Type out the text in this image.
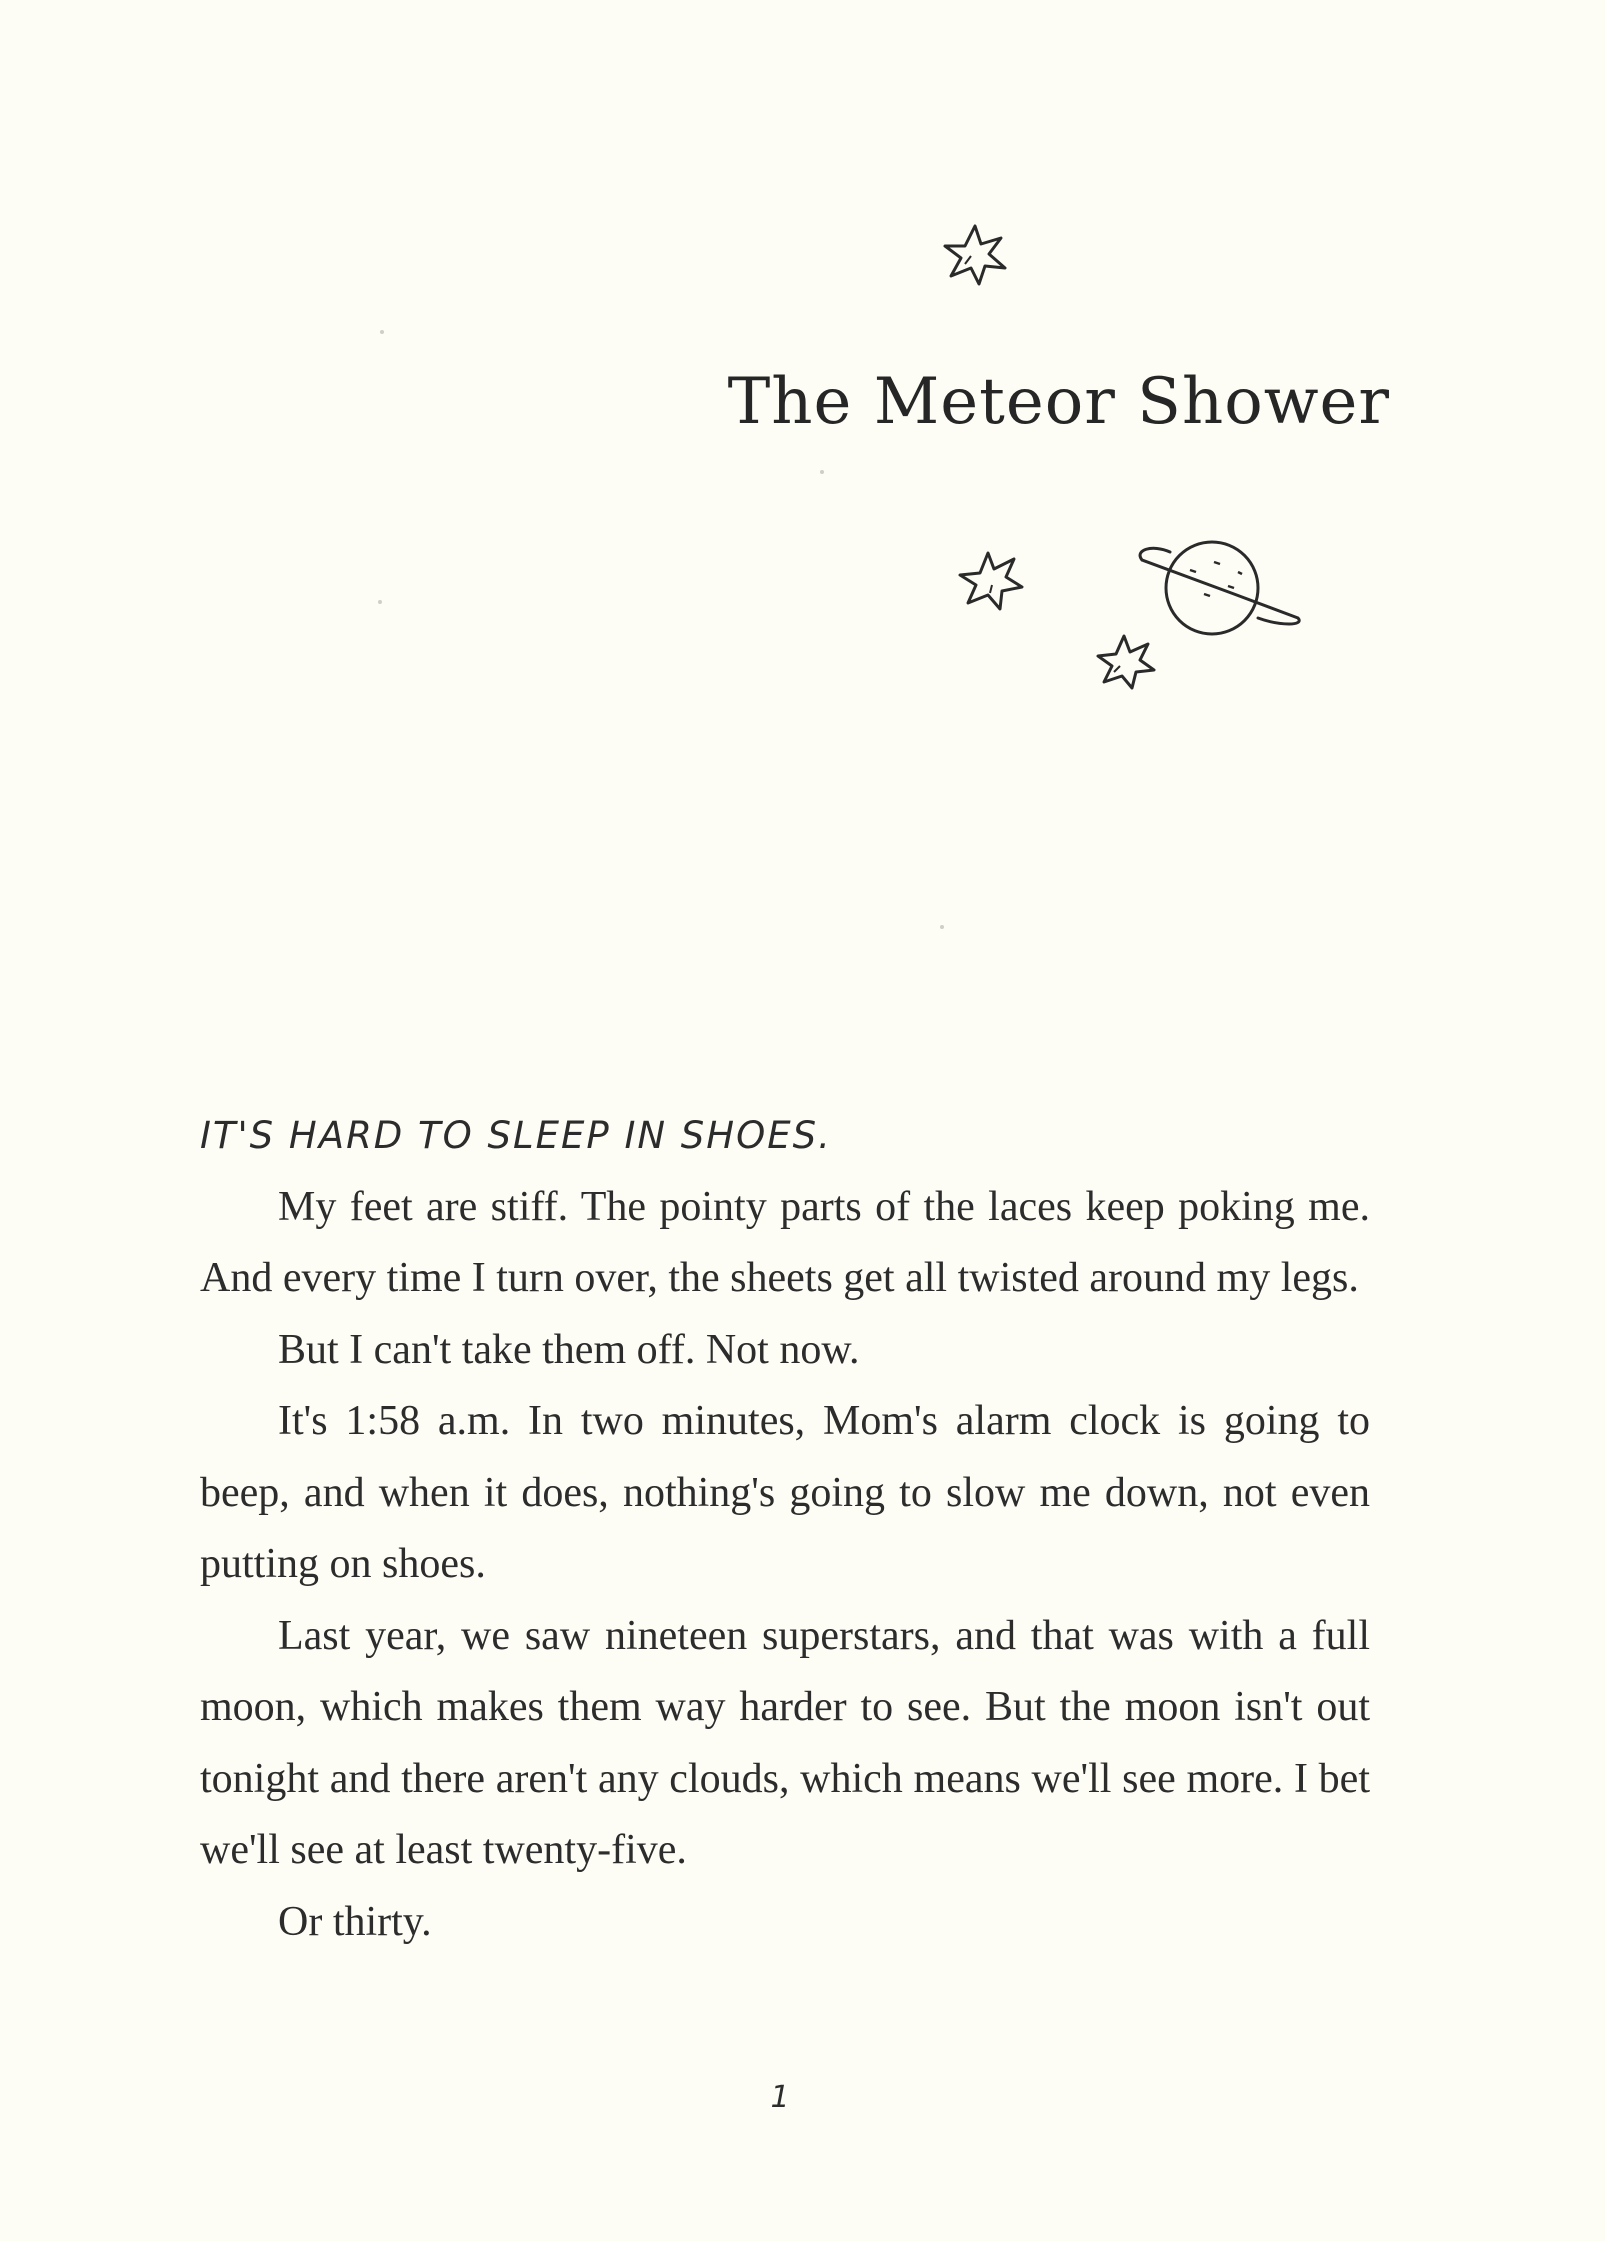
The Meteor Shower
IT'S HARD TO SLEEP IN SHOES.

My feet are stiff. The pointy parts of the laces keep poking me. And every time I turn over, the sheets get all twisted around my legs.

But I can't take them off. Not now.

It's 1:58 a.m. In two minutes, Mom's alarm clock is going to beep, and when it does, nothing's going to slow me down, not even putting on shoes.

Last year, we saw nineteen superstars, and that was with a full moon, which makes them way harder to see. But the moon isn't out tonight and there aren't any clouds, which means we'll see more. I bet we'll see at least twenty-five.

Or thirty.

1
